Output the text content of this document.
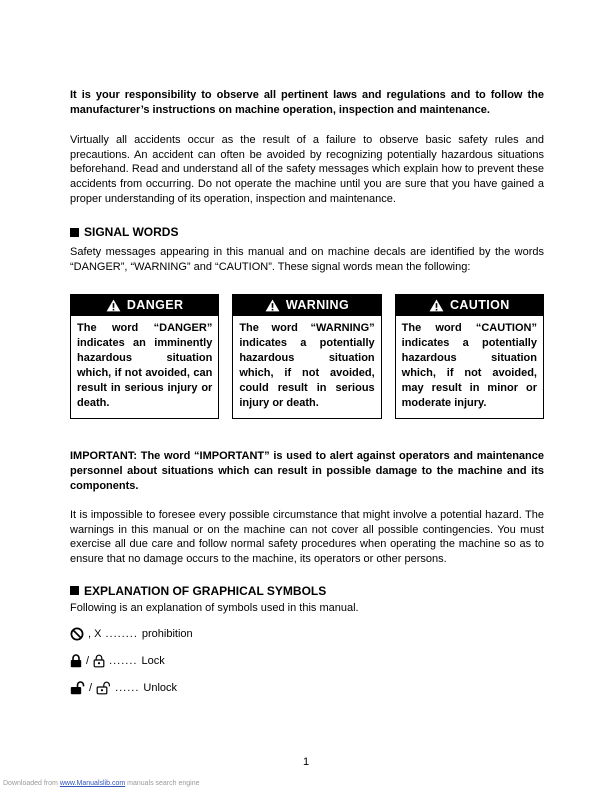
It is your responsibility to observe all pertinent laws and regulations and to follow the manufacturer’s instructions on machine operation, inspection and maintenance.

Virtually all accidents occur as the result of a failure to observe basic safety rules and precautions. An accident can often be avoided by recognizing potentially hazardous situations beforehand. Read and understand all of the safety messages which explain how to prevent these accidents from occurring. Do not operate the machine until you are sure that you have gained a proper understanding of its operation, inspection and maintenance.

SIGNAL WORDS

Safety messages appearing in this manual and on machine decals are identified by the words “DANGER”, “WARNING” and “CAUTION”. These signal words mean the following:

DANGER
The word “DANGER” indicates an imminently hazardous situation which, if not avoided, can result in serious injury or death.
WARNING
The word “WARNING” indicates a potentially hazardous situation which, if not avoided, could result in serious injury or death.
CAUTION
The word “CAUTION” indicates a potentially hazardous situation which, if not avoided, may result in minor or moderate injury.

IMPORTANT: The word “IMPORTANT” is used to alert against operators and maintenance personnel about situations which can result in possible damage to the machine and its components.

It is impossible to foresee every possible circumstance that might involve a potential hazard. The warnings in this manual or on the machine can not cover all possible contingencies. You must exercise all due care and follow normal safety procedures when operating the machine so as to ensure that no damage occurs to the machine, its operators or other persons.

EXPLANATION OF GRAPHICAL SYMBOLS

Following is an explanation of symbols used in this manual.

, X ........ prohibition
/ ....... Lock
/ ...... Unlock
1
Downloaded from www.Manualslib.com manuals search engine
